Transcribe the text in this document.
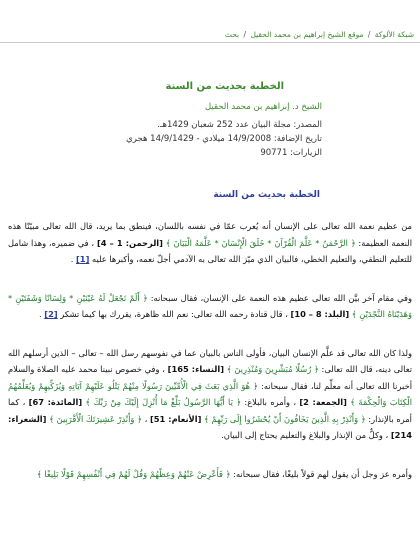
شبكة الألوكة / موقع الشيخ إبراهيم بن محمد الحقيل / بحث
الخطبة بحديث من السنة
الشيخ د. إبراهيم بن محمد الحقيل
المصدر: مجلة البيان عدد 252 شعبان 1429هـ.
تاريخ الإضافة: 14/9/2008 ميلادي - 14/9/1429 هجري
الزيارات: 90771
الخطبة بحديث من السنة

من عظيم نعمة الله تعالى على الإنسان أنه يُعرب عمّا في نفسه باللسان، فينطق بما يريد، قال الله تعالى مبيّنًا هذه النعمة العظيمة: ﴿ الرَّحْمَنُ * عَلَّمَ الْقُرْآنَ * خَلَقَ الْإِنْسَانَ * عَلَّمَهُ الْبَيَانَ ﴾ [الرحمن: 1 – 4] ، في ضميره، وهذا شامل للتعليم النطقي، والتعليم الخطي، فالبيان الذي ميّز الله تعالى به الآدمي أجلّ نعمه، وأكبرها عليه [1] .

وفي مقام آخر بيَّن الله تعالى عظيم هذه النعمة على الإنسان، فقال سبحانه: ﴿ أَلَمْ نَجْعَلْ لَهُ عَيْنَيْنِ * وَلِسَانًا وَشَفَتَيْنِ * وَهَدَيْنَاهُ النَّجْدَيْنِ ﴾ [البلد: 8 – 10] ، قال قتادة رحمه الله تعالى: نعم الله ظاهرة، يقررك بها كيما تشكر [2] .

ولذا كان الله تعالى قد علَّم الإنسان البيان، فأولى الناس بالبيان عما في نفوسهم رسل الله – تعالى – الذين أرسلهم الله تعالى دينه، قال الله تعالى: ﴿ رُسُلًا مُبَشِّرِينَ وَمُنْذِرِينَ ﴾ [النساء: 165] ، وفي خصوص نبينا محمد عليه الصلاة والسلام أخبرنا الله تعالى أنه معلِّم لنا، فقال سبحانه: ﴿ هُوَ الَّذِي بَعَثَ فِي الْأُمِّيِّينَ رَسُولًا مِنْهُمْ يَتْلُو عَلَيْهِمْ آيَاتِهِ وَيُزَكِّيهِمْ وَيُعَلِّمُهُمُ الْكِتَابَ وَالْحِكْمَةَ ﴾ [الجمعة: 2] ، وأمره بالبلاغ: ﴿ يَا أَيُّهَا الرَّسُولُ بَلِّغْ مَا أُنْزِلَ إِلَيْكَ مِنْ رَبِّكَ ﴾ [المائدة: 67] ، كما أمره بالإنذار: ﴿ وَأَنْذِرْ بِهِ الَّذِينَ يَخَافُونَ أَنْ يُحْشَرُوا إِلَى رَبِّهِمْ ﴾ [الأنعام: 51] ، ﴿ وَأَنْذِرْ عَشِيرَتَكَ الْأَقْرَبِينَ ﴾ [الشعراء: 214] ، وكلٌّ من الإنذار والبلاغ والتعليم يحتاج إلى البيان.

وأمره عز وجل أن يقول لهم قولاً بليغًا، فقال سبحانه: ﴿ فَأَعْرِضْ عَنْهُمْ وَعِظْهُمْ وَقُلْ لَهُمْ فِي أَنْفُسِهِمْ قَوْلًا بَلِيغًا ﴾
